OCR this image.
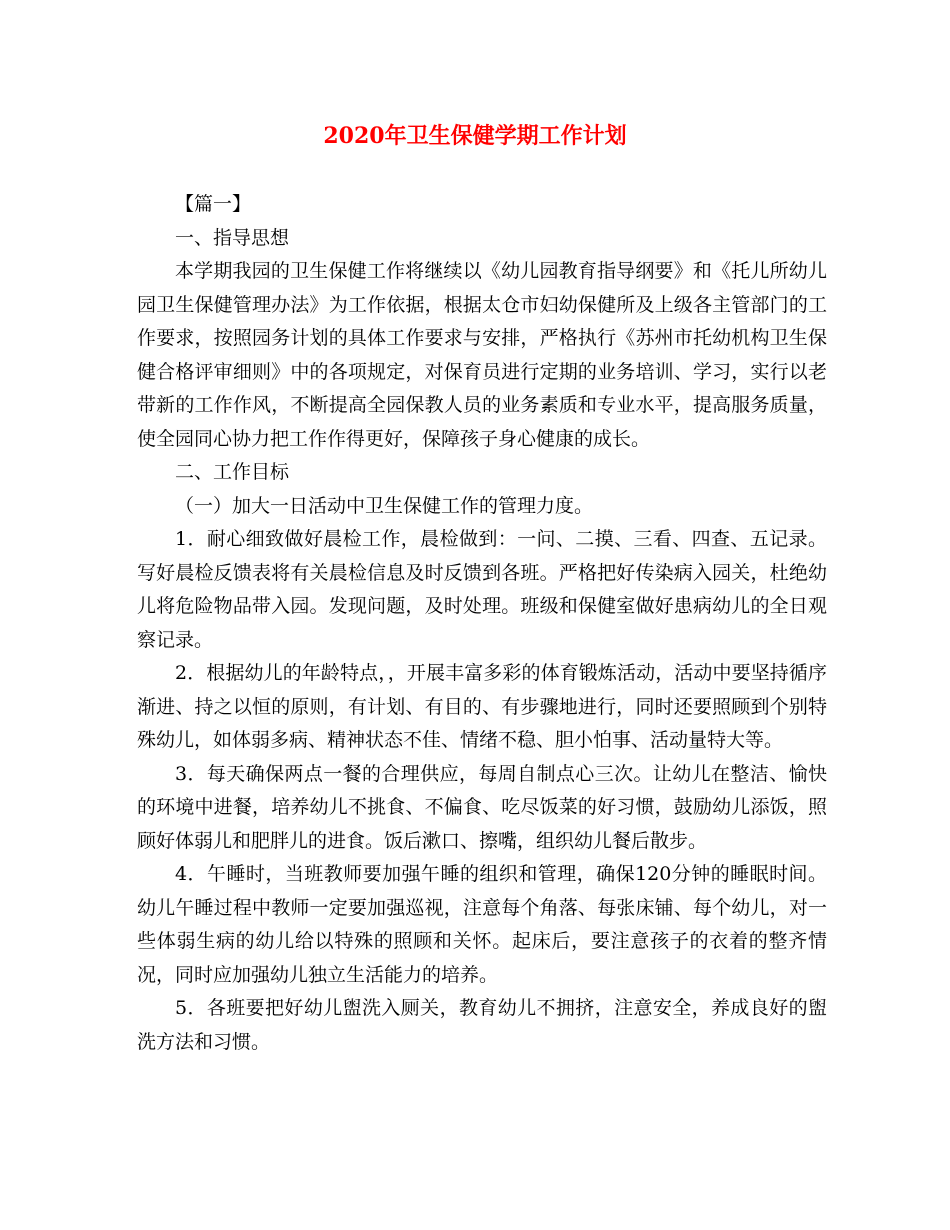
2020年卫生保健学期工作计划

【篇一】

一、指导思想

本学期我园的卫生保健工作将继续以《幼儿园教育指导纲要》和《托儿所幼儿园卫生保健管理办法》为工作依据，根据太仓市妇幼保健所及上级各主管部门的工作要求，按照园务计划的具体工作要求与安排，严格执行《苏州市托幼机构卫生保健合格评审细则》中的各项规定，对保育员进行定期的业务培训、学习，实行以老带新的工作作风，不断提高全园保教人员的业务素质和专业水平，提高服务质量，使全园同心协力把工作作得更好，保障孩子身心健康的成长。

二、工作目标

（一）加大一日活动中卫生保健工作的管理力度。

1．耐心细致做好晨检工作，晨检做到：一问、二摸、三看、四查、五记录。写好晨检反馈表将有关晨检信息及时反馈到各班。严格把好传染病入园关，杜绝幼儿将危险物品带入园。发现问题，及时处理。班级和保健室做好患病幼儿的全日观察记录。

2．根据幼儿的年龄特点，，开展丰富多彩的体育锻炼活动，活动中要坚持循序渐进、持之以恒的原则，有计划、有目的、有步骤地进行，同时还要照顾到个别特殊幼儿，如体弱多病、精神状态不佳、情绪不稳、胆小怕事、活动量特大等。

3．每天确保两点一餐的合理供应，每周自制点心三次。让幼儿在整洁、愉快的环境中进餐，培养幼儿不挑食、不偏食、吃尽饭菜的好习惯，鼓励幼儿添饭，照顾好体弱儿和肥胖儿的进食。饭后漱口、擦嘴，组织幼儿餐后散步。

4．午睡时，当班教师要加强午睡的组织和管理，确保120分钟的睡眠时间。幼儿午睡过程中教师一定要加强巡视，注意每个角落、每张床铺、每个幼儿，对一些体弱生病的幼儿给以特殊的照顾和关怀。起床后，要注意孩子的衣着的整齐情况，同时应加强幼儿独立生活能力的培养。

5．各班要把好幼儿盥洗入厕关，教育幼儿不拥挤，注意安全，养成良好的盥洗方法和习惯。
